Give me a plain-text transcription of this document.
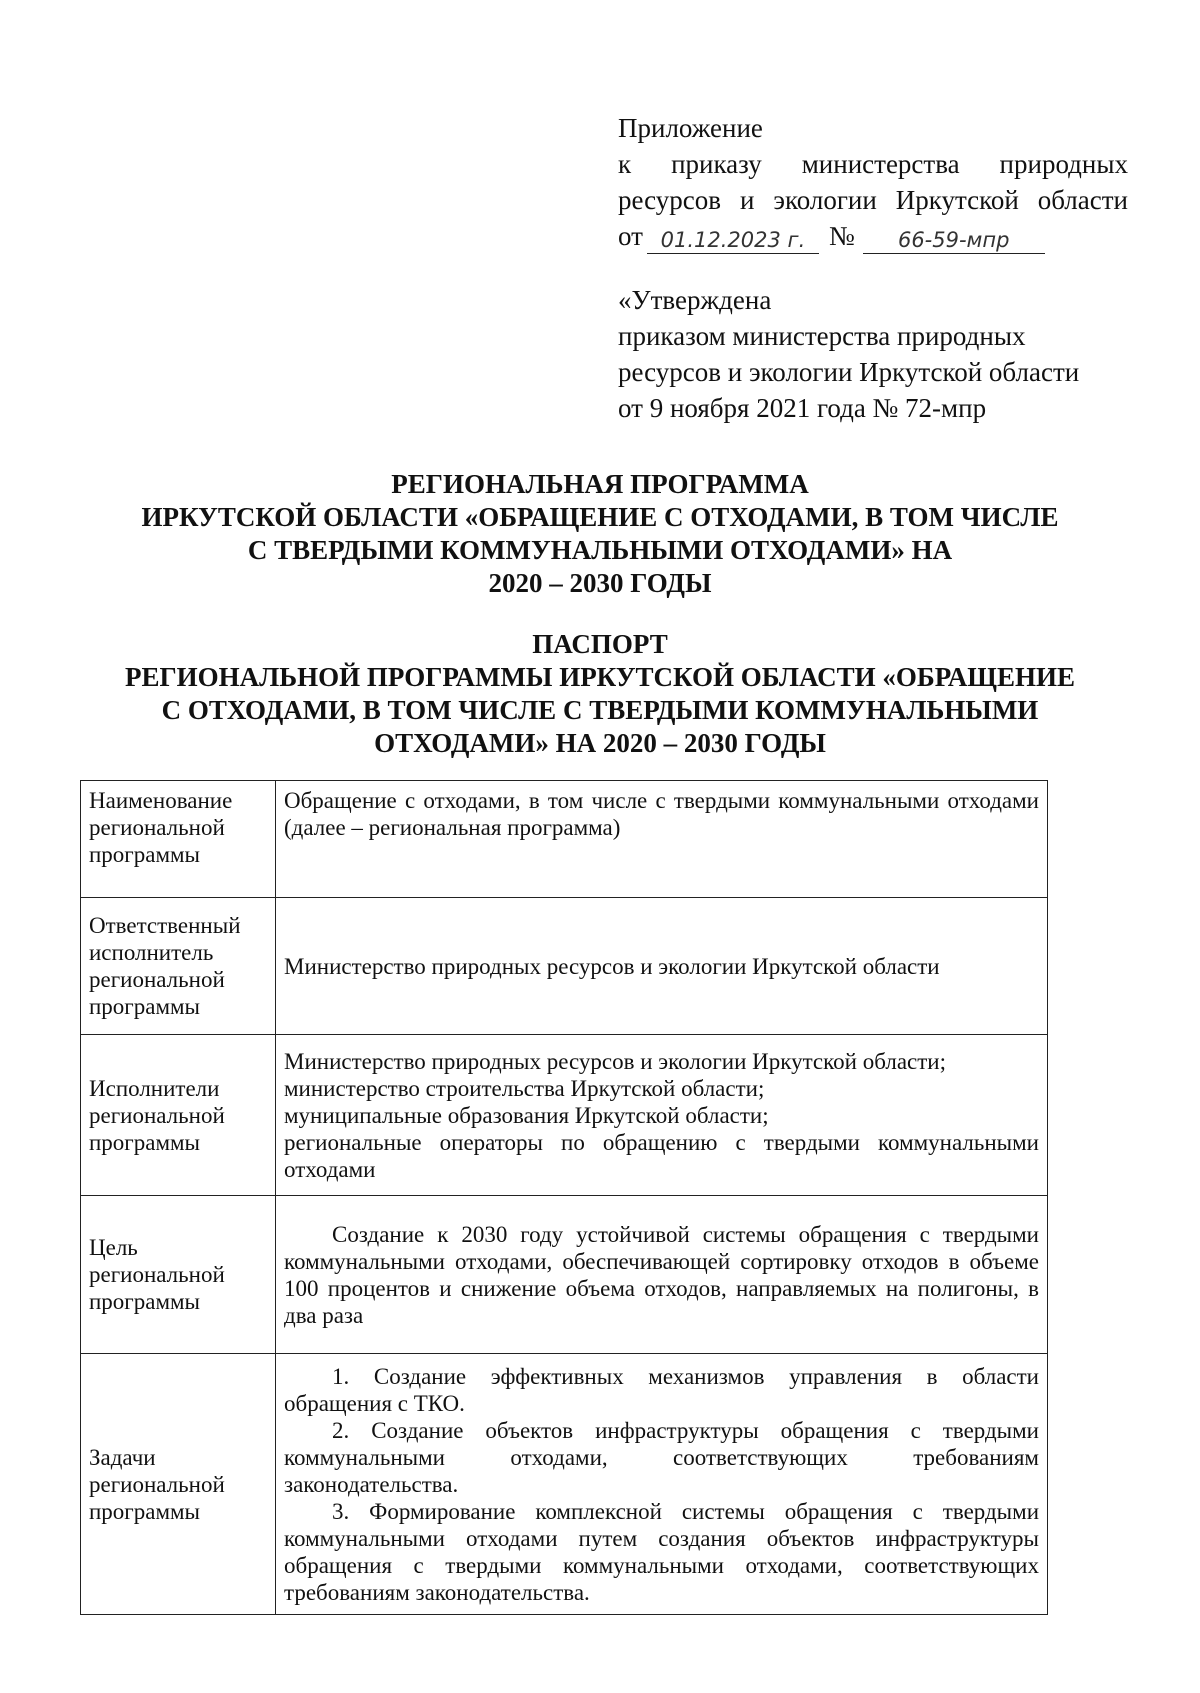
Приложение
к приказу министерства природных
ресурсов и экологии Иркутской области
от 01.12.2023 г. №	66-59-мпр
«Утверждена
приказом министерства природных
ресурсов и экологии Иркутской области
от 9 ноября 2021 года № 72-мпр
РЕГИОНАЛЬНАЯ ПРОГРАММА
ИРКУТСКОЙ ОБЛАСТИ «ОБРАЩЕНИЕ С ОТХОДАМИ, В ТОМ ЧИСЛЕ
С ТВЕРДЫМИ КОММУНАЛЬНЫМИ ОТХОДАМИ» НА
2020 – 2030 ГОДЫ
ПАСПОРТ
РЕГИОНАЛЬНОЙ ПРОГРАММЫ ИРКУТСКОЙ ОБЛАСТИ «ОБРАЩЕНИЕ
С ОТХОДАМИ, В ТОМ ЧИСЛЕ С ТВЕРДЫМИ КОММУНАЛЬНЫМИ
ОТХОДАМИ» НА 2020 – 2030 ГОДЫ
Наименование региональной программы	Обращение с отходами, в том числе с твердыми коммунальными отходами (далее – региональная программа)
Ответственный исполнитель региональной программы	Министерство природных ресурсов и экологии Иркутской области
Исполнители региональной программы	Министерство природных ресурсов и экологии Иркутской области;
министерство строительства Иркутской области;
муниципальные образования Иркутской области;
региональные операторы по обращению с твердыми коммунальными отходами

Цель региональной программы	Создание к 2030 году устойчивой системы обращения с твердыми коммунальными отходами, обеспечивающей сортировку отходов в объеме 100 процентов и снижение объема отходов, направляемых на полигоны, в два раза

Задачи региональной программы	1. Создание эффективных механизмов управления в области обращения с ТКО.
2. Создание объектов инфраструктуры обращения с твердыми коммунальными отходами, соответствующих требованиям законодательства.
3. Формирование комплексной системы обращения с твердыми коммунальными отходами путем создания объектов инфраструктуры обращения с твердыми коммунальными отходами, соответствующих требованиям законодательства.
